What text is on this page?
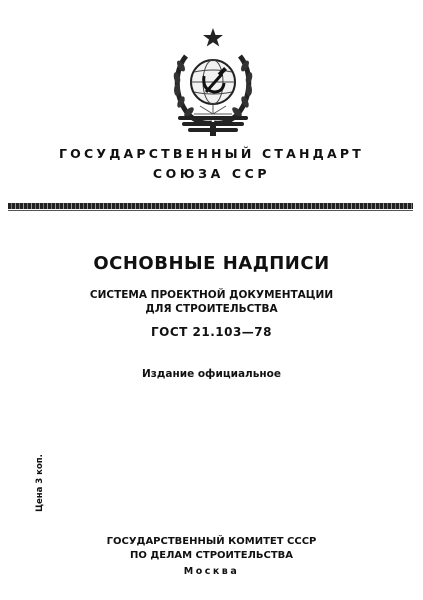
ГОСУДАРСТВЕННЫЙ СТАНДАРТ
СОЮЗА ССР
ОСНОВНЫЕ НАДПИСИ
СИСТЕМА ПРОЕКТНОЙ ДОКУМЕНТАЦИИ
ДЛЯ СТРОИТЕЛЬСТВА
ГОСТ 21.103—78
Издание официальное
Цена 3 коп.
ГОСУДАРСТВЕННЫЙ КОМИТЕТ СССР
ПО ДЕЛАМ СТРОИТЕЛЬСТВА
Москва
